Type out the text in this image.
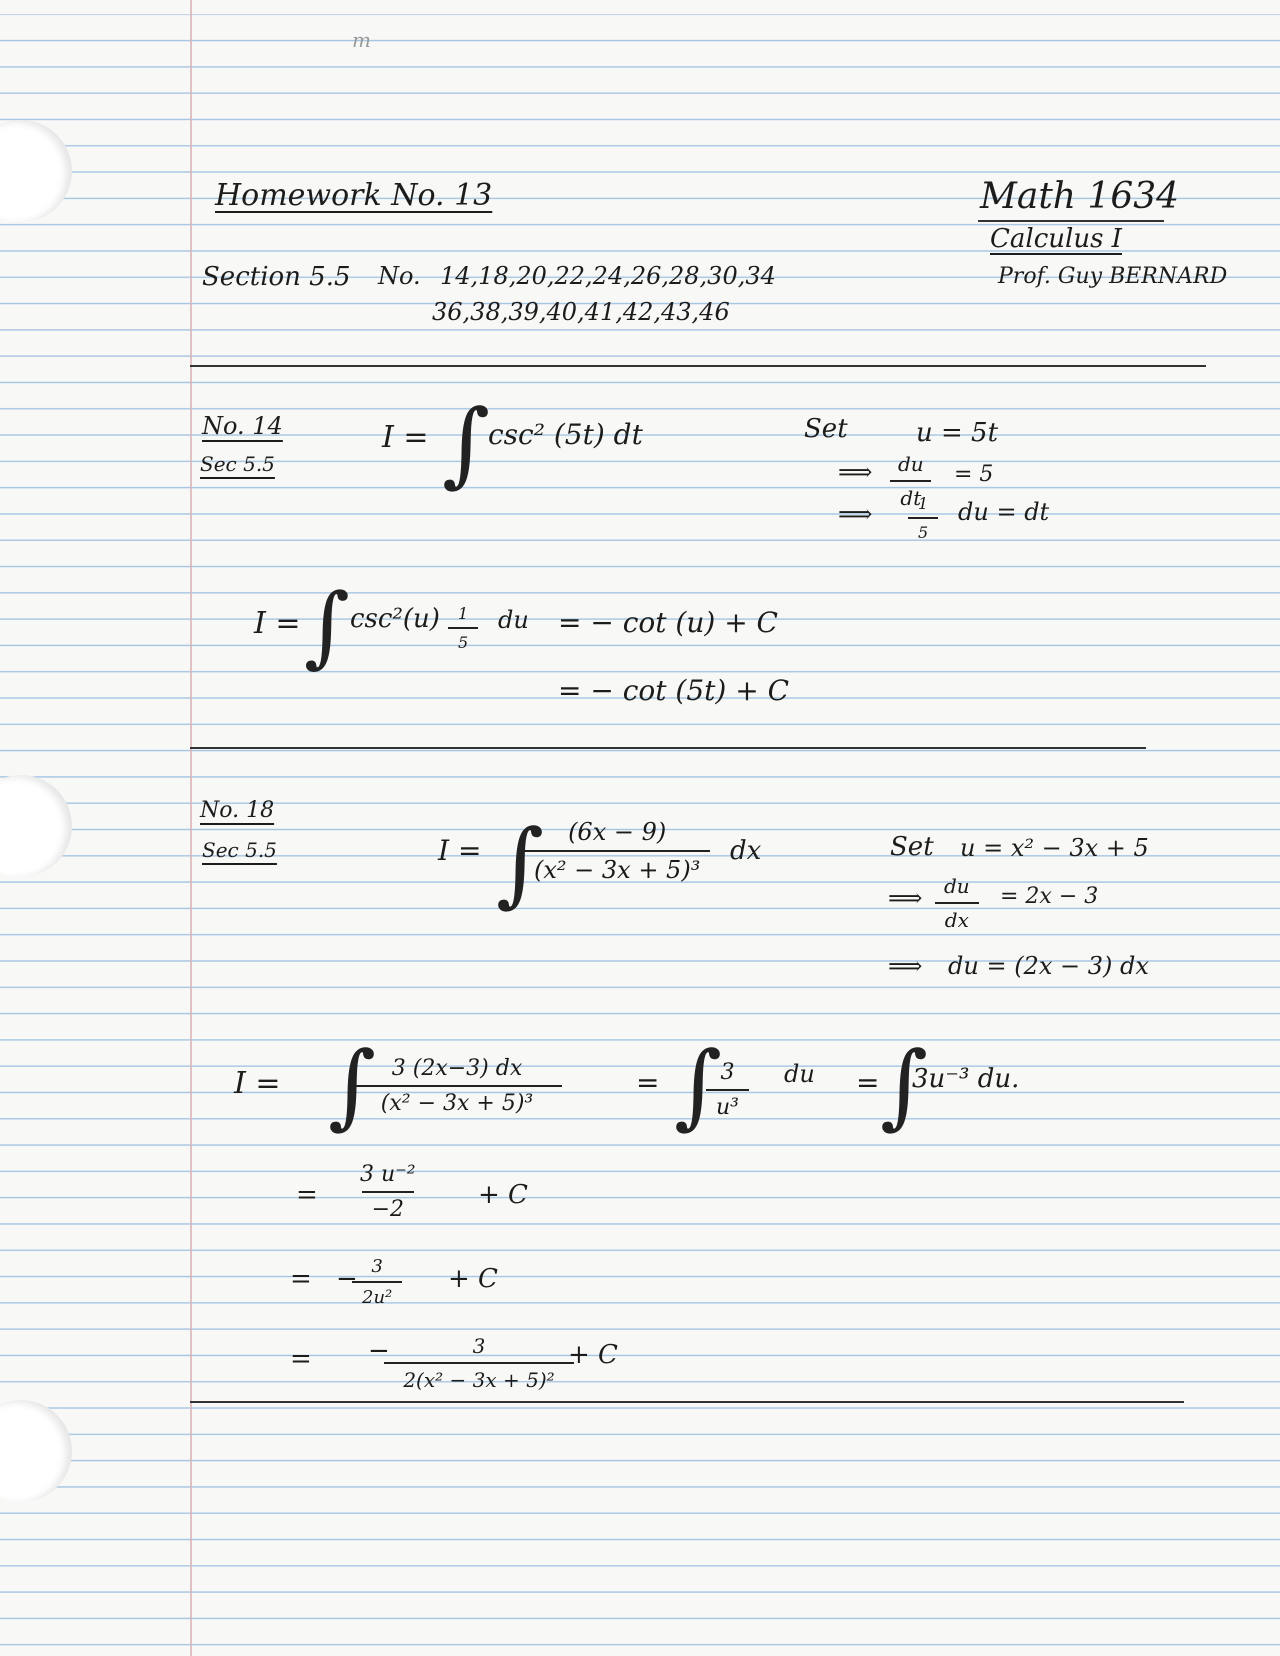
m
Homework No. 13
Section 5.5 No. 14,18,20,22,24,26,28,30,34
36,38,39,40,41,42,43,46
Math 1634
Calculus I
Prof. Guy BERNARD
No. 14
Sec 5.5
I = ∫
csc² (5t) dt	Set	u = 5t
⟹ $\frac{du}{dt} = 5$
⟹ $\frac{1}{5}$ du = dt
I = ∫ $\csc^2(u) \frac{1}{5}$ du = − cot (u) + C
= − cot (5t) + C
No. 18
Sec 5.5	I = ∫
$\frac{(6x - 9)}{\text{(x² − 3x + 5)³}}$ dx	Set u = x² − 3x + 5
⟹ $\frac{du}{dx} = 2x - 3$
⟹ du = (2x − 3) dx
I = ∫
$\frac{3 (2x-3) dx}{\text{(x² − 3x + 5)³}}$	= ∫
$\frac{3}{\text{u³}}$ du = ∫
3u⁻³ du.
= $\frac{\text{3 u⁻²}}{-2} + C$
= −
$\frac{3}{\text{2u²}} + C$
= −
$\frac{3}{\text{2(x² − 3x + 5)²}}$
+ C
